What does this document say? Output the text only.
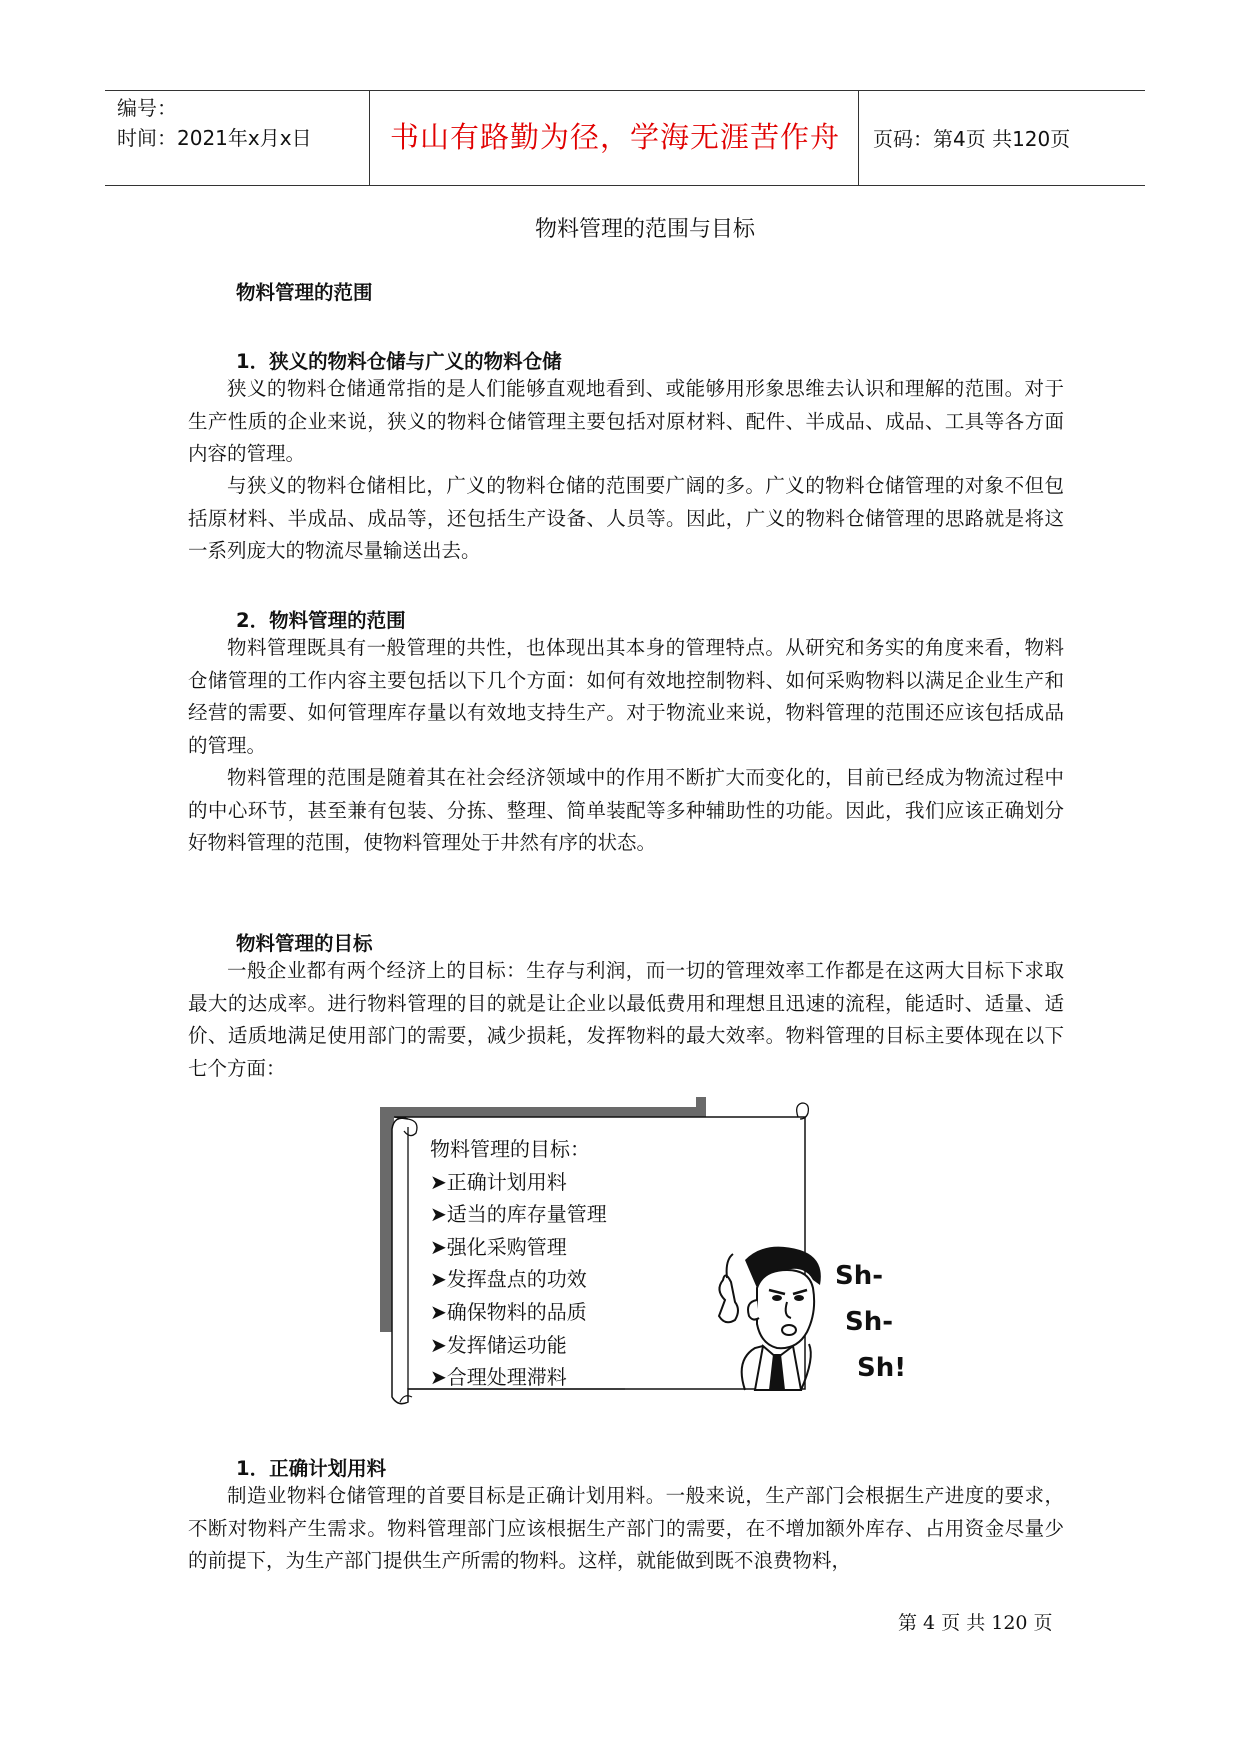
编号：
时间：2021年x月x日	书山有路勤为径，学海无涯苦作舟	页码：第4页 共120页
物料管理的范围与目标
物料管理的范围
1．狭义的物料仓储与广义的物料仓储

狭义的物料仓储通常指的是人们能够直观地看到、或能够用形象思维去认识和理解的范围。对于生产性质的企业来说，狭义的物料仓储管理主要包括对原材料、配件、半成品、成品、工具等各方面内容的管理。

与狭义的物料仓储相比，广义的物料仓储的范围要广阔的多。广义的物料仓储管理的对象不但包括原材料、半成品、成品等，还包括生产设备、人员等。因此，广义的物料仓储管理的思路就是将这一系列庞大的物流尽量输送出去。

2．物料管理的范围

物料管理既具有一般管理的共性，也体现出其本身的管理特点。从研究和务实的角度来看，物料仓储管理的工作内容主要包括以下几个方面：如何有效地控制物料、如何采购物料以满足企业生产和经营的需要、如何管理库存量以有效地支持生产。对于物流业来说，物料管理的范围还应该包括成品的管理。

物料管理的范围是随着其在社会经济领域中的作用不断扩大而变化的，目前已经成为物流过程中的中心环节，甚至兼有包装、分拣、整理、简单装配等多种辅助性的功能。因此，我们应该正确划分好物料管理的范围，使物料管理处于井然有序的状态。

物料管理的目标

一般企业都有两个经济上的目标：生存与利润，而一切的管理效率工作都是在这两大目标下求取最大的达成率。进行物料管理的目的就是让企业以最低费用和理想且迅速的流程，能适时、适量、适价、适质地满足使用部门的需要，减少损耗，发挥物料的最大效率。物料管理的目标主要体现在以下七个方面：

物料管理的目标：
➤正确计划用料
➤适当的库存量管理
➤强化采购管理
➤发挥盘点的功效
➤确保物料的品质
➤发挥储运功能
➤合理处理滞料
Sh-
Sh-
Sh!
1．正确计划用料

制造业物料仓储管理的首要目标是正确计划用料。一般来说，生产部门会根据生产进度的要求，不断对物料产生需求。物料管理部门应该根据生产部门的需要，在不增加额外库存、占用资金尽量少的前提下，为生产部门提供生产所需的物料。这样，就能做到既不浪费物料，

第 4 页 共 120 页
